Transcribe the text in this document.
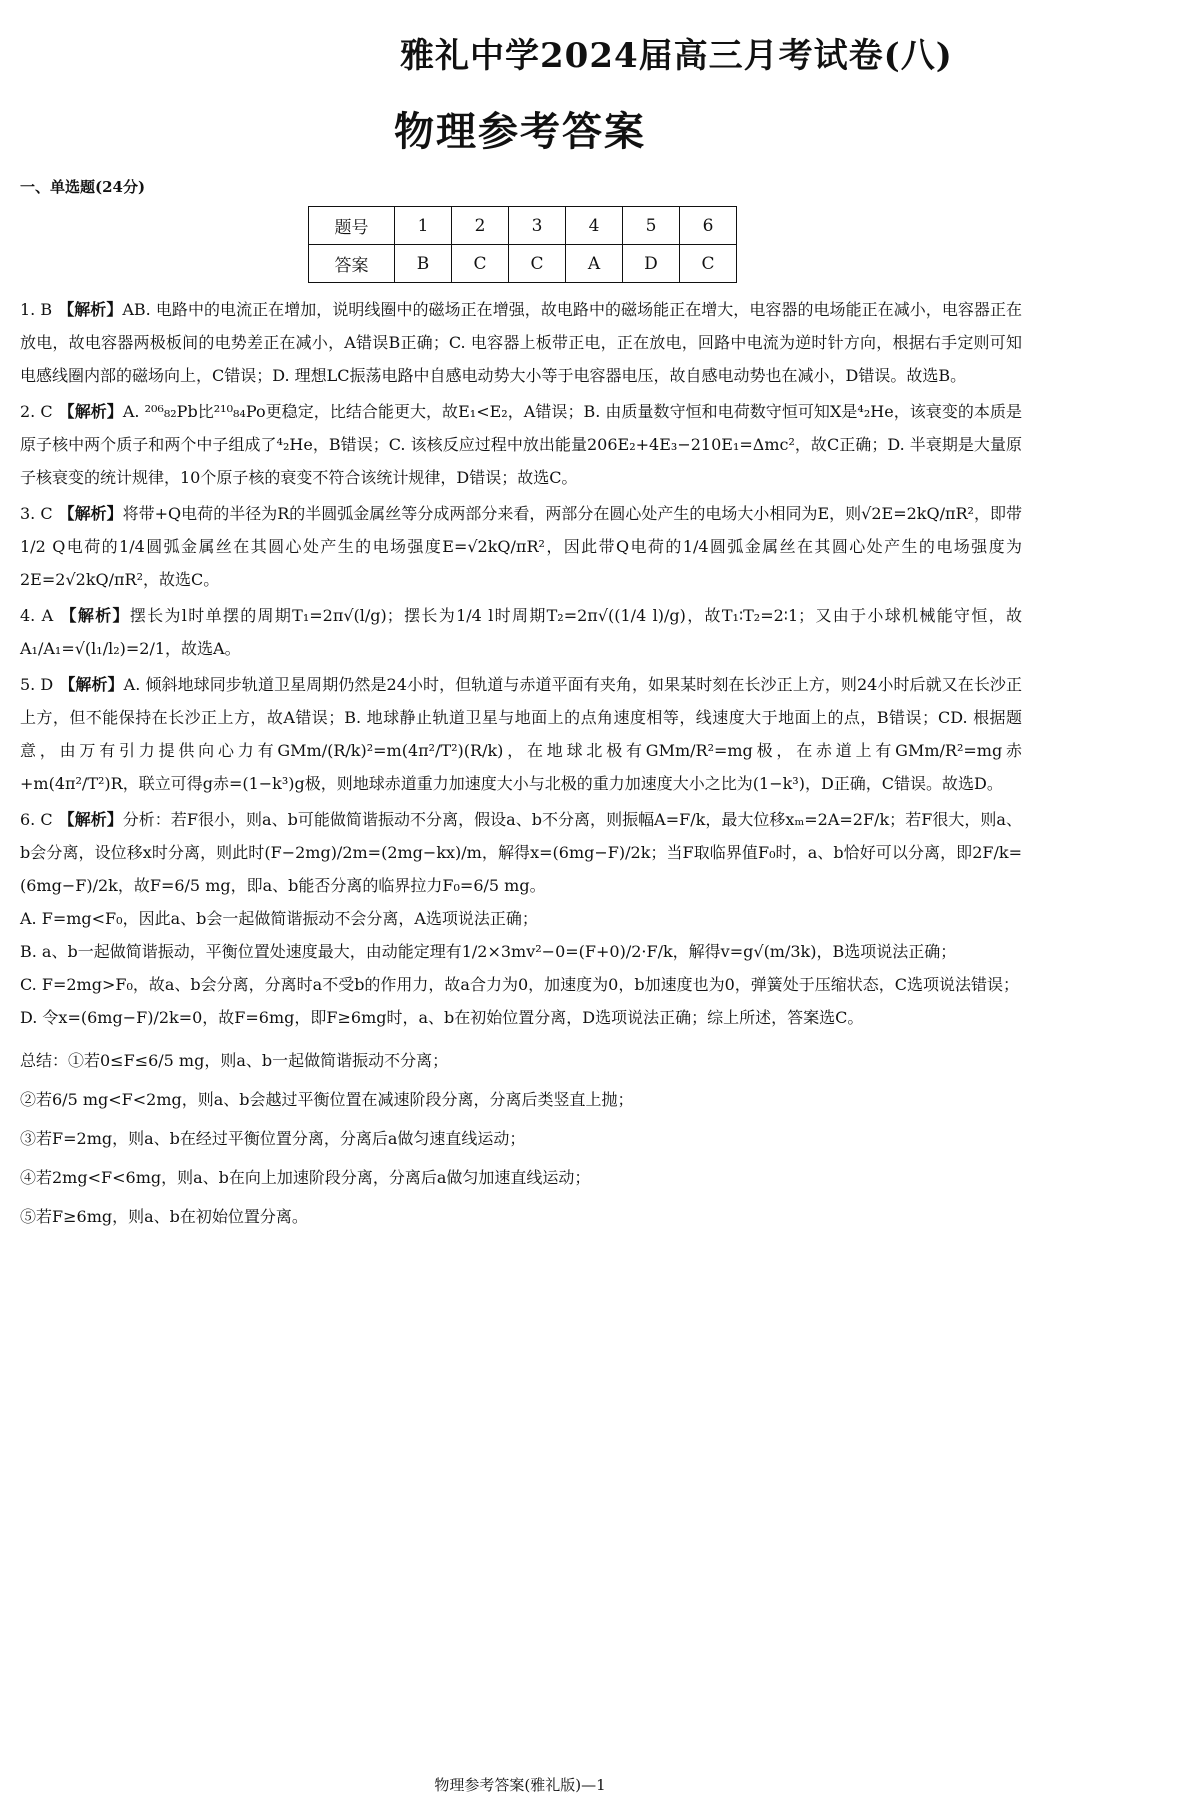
雅礼中学2024届高三月考试卷(八)
物理参考答案
一、单选题(24分)
题号	1	2	3	4	5	6
答案	B	C	C	A	D	C
1. B 【解析】AB. 电路中的电流正在增加，说明线圈中的磁场正在增强，故电路中的磁场能正在增大，电容器的电场能正在减小，电容器正在放电，故电容器两极板间的电势差正在减小，A错误B正确；C. 电容器上板带正电，正在放电，回路中电流为逆时针方向，根据右手定则可知电感线圈内部的磁场向上，C错误；D. 理想LC振荡电路中自感电动势大小等于电容器电压，故自感电动势也在减小，D错误。故选B。
2. C 【解析】A. ²⁰⁶₈₂Pb比²¹⁰₈₄Po更稳定，比结合能更大，故E₁<E₂，A错误；B. 由质量数守恒和电荷数守恒可知X是⁴₂He，该衰变的本质是原子核中两个质子和两个中子组成了⁴₂He，B错误；C. 该核反应过程中放出能量206E₂+4E₃−210E₁=Δmc²，故C正确；D. 半衰期是大量原子核衰变的统计规律，10个原子核的衰变不符合该统计规律，D错误；故选C。
3. C 【解析】将带+Q电荷的半径为R的半圆弧金属丝等分成两部分来看，两部分在圆心处产生的电场大小相同为E，则√2E=2kQ/πR²，即带1/2 Q电荷的1/4圆弧金属丝在其圆心处产生的电场强度E=√2kQ/πR²，因此带Q电荷的1/4圆弧金属丝在其圆心处产生的电场强度为2E=2√2kQ/πR²，故选C。
4. A 【解析】摆长为l时单摆的周期T₁=2π√(l/g)；摆长为1/4 l时周期T₂=2π√((1/4 l)/g)，故T₁∶T₂=2∶1；又由于小球机械能守恒，故A₁/A₁=√(l₁/l₂)=2/1，故选A。
5. D 【解析】A. 倾斜地球同步轨道卫星周期仍然是24小时，但轨道与赤道平面有夹角，如果某时刻在长沙正上方，则24小时后就又在长沙正上方，但不能保持在长沙正上方，故A错误；B. 地球静止轨道卫星与地面上的点角速度相等，线速度大于地面上的点，B错误；CD. 根据题意，由万有引力提供向心力有GMm/(R/k)²=m(4π²/T²)(R/k)，在地球北极有GMm/R²=mg极，在赤道上有GMm/R²=mg赤+m(4π²/T²)R，联立可得g赤=(1−k³)g极，则地球赤道重力加速度大小与北极的重力加速度大小之比为(1−k³)，D正确，C错误。故选D。
6. C 【解析】分析：若F很小，则a、b可能做简谐振动不分离，假设a、b不分离，则振幅A=F/k，最大位移xₘ=2A=2F/k；若F很大，则a、b会分离，设位移x时分离，则此时(F−2mg)/2m=(2mg−kx)/m，解得x=(6mg−F)/2k；当F取临界值F₀时，a、b恰好可以分离，即2F/k=(6mg−F)/2k，故F=6/5 mg，即a、b能否分离的临界拉力F₀=6/5 mg。

A. F=mg<F₀，因此a、b会一起做简谐振动不会分离，A选项说法正确；

B. a、b一起做简谐振动，平衡位置处速度最大，由动能定理有1/2×3mv²−0=(F+0)/2·F/k，解得v=g√(m/3k)，B选项说法正确；

C. F=2mg>F₀，故a、b会分离，分离时a不受b的作用力，故a合力为0，加速度为0，b加速度也为0，弹簧处于压缩状态，C选项说法错误；

D. 令x=(6mg−F)/2k=0，故F=6mg，即F≥6mg时，a、b在初始位置分离，D选项说法正确；综上所述，答案选C。

总结：①若0≤F≤6/5 mg，则a、b一起做简谐振动不分离；

②若6/5 mg<F<2mg，则a、b会越过平衡位置在减速阶段分离，分离后类竖直上抛；

③若F=2mg，则a、b在经过平衡位置分离，分离后a做匀速直线运动；

④若2mg<F<6mg，则a、b在向上加速阶段分离，分离后a做匀加速直线运动；

⑤若F≥6mg，则a、b在初始位置分离。

物理参考答案(雅礼版)—1
